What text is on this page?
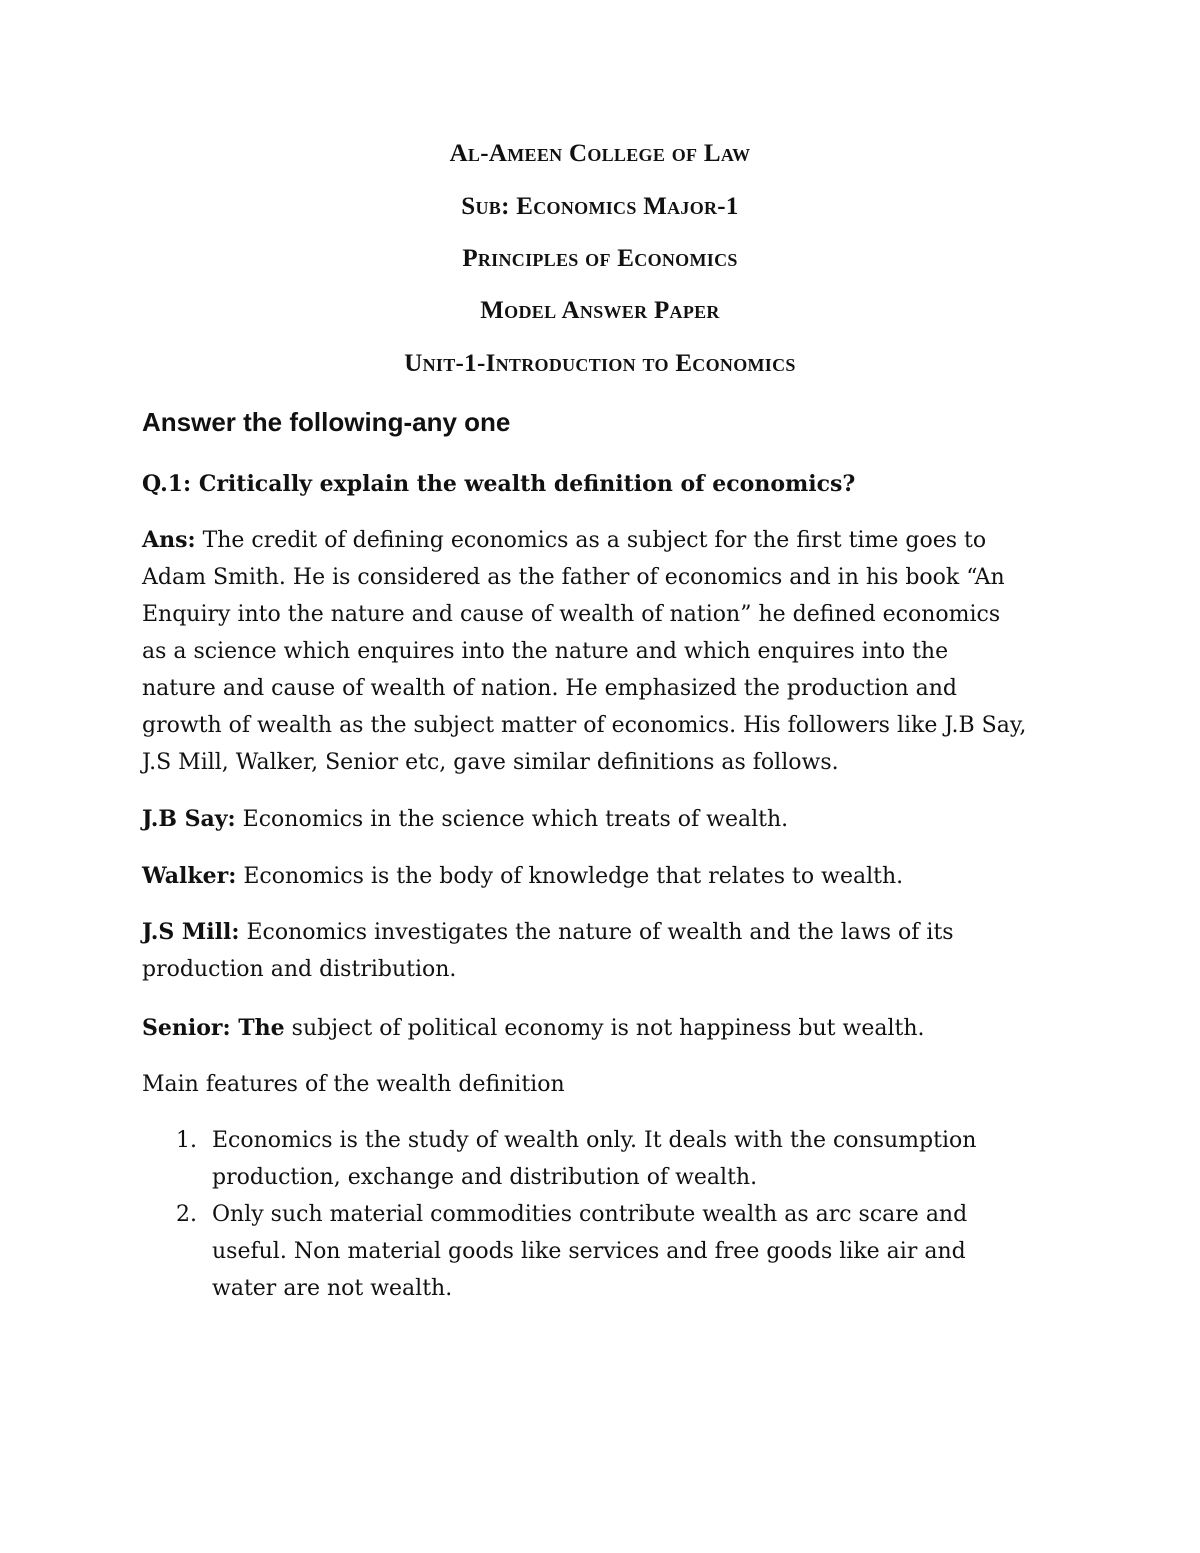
Al-Ameen College of Law
Sub: Economics Major-1
Principles of Economics
Model Answer Paper
Unit-1-Introduction to Economics
Answer the following-any one
Q.1: Critically explain the wealth definition of economics?
Ans: The credit of defining economics as a subject for the first time goes to
Adam Smith. He is considered as the father of economics and in his book “An
Enquiry into the nature and cause of wealth of nation” he defined economics
as a science which enquires into the nature and which enquires into the
nature and cause of wealth of nation. He emphasized the production and
growth of wealth as the subject matter of economics. His followers like J.B Say,
J.S Mill, Walker, Senior etc, gave similar definitions as follows.
J.B Say: Economics in the science which treats of wealth.
Walker: Economics is the body of knowledge that relates to wealth.
J.S Mill: Economics investigates the nature of wealth and the laws of its
production and distribution.
Senior: The subject of political economy is not happiness but wealth.
Main features of the wealth definition
1. Economics is the study of wealth only. It deals with the consumption
production, exchange and distribution of wealth.
2. Only such material commodities contribute wealth as arc scare and
useful. Non material goods like services and free goods like air and
water are not wealth.
